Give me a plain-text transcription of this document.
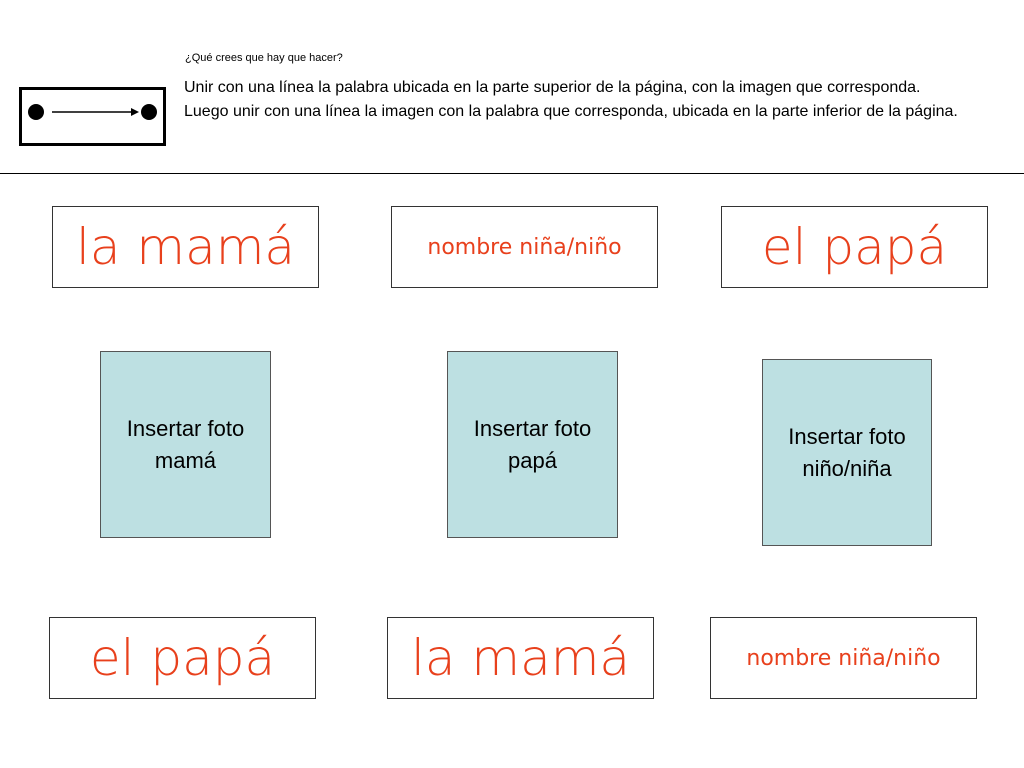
¿Qué crees que hay que hacer?
Unir con una línea la palabra ubicada en la parte superior de la página, con la imagen que corresponda.
Luego unir con una línea la imagen con la palabra que corresponda, ubicada en la parte inferior de la página.
la mamá	nombre niña/niño	el papá
Insertar foto
mamá
Insertar foto
papá
Insertar foto
niño/niña
el papá	la mamá	nombre niña/niño
